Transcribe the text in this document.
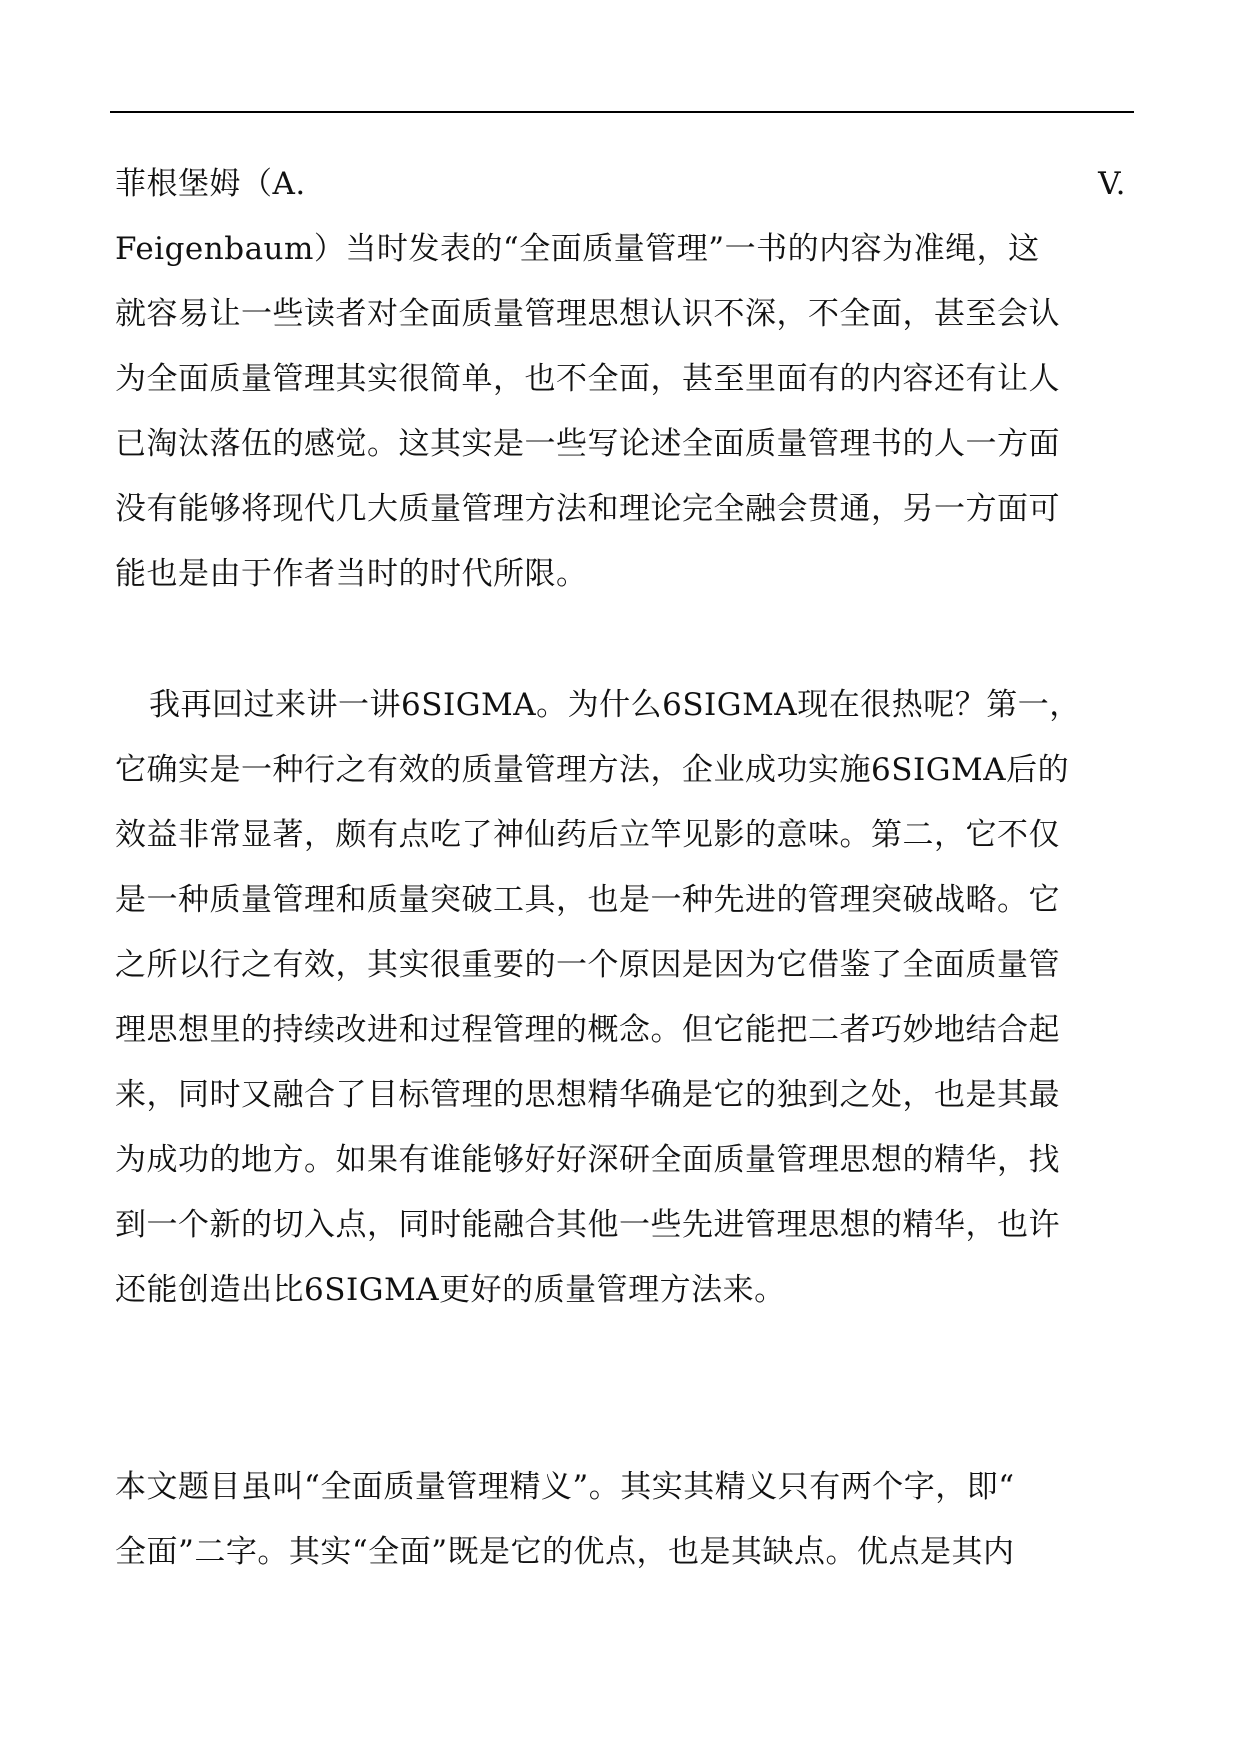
菲根堡姆（A.	V.
Feigenbaum）当时发表的“全面质量管理”一书的内容为准绳，这
就容易让一些读者对全面质量管理思想认识不深，不全面，甚至会认
为全面质量管理其实很简单，也不全面，甚至里面有的内容还有让人
已淘汰落伍的感觉。这其实是一些写论述全面质量管理书的人一方面
没有能够将现代几大质量管理方法和理论完全融会贯通，另一方面可
能也是由于作者当时的时代所限。
我再回过来讲一讲6SIGMA。为什么6SIGMA现在很热呢？第一，
它确实是一种行之有效的质量管理方法，企业成功实施6SIGMA后的
效益非常显著，颇有点吃了神仙药后立竿见影的意味。第二，它不仅
是一种质量管理和质量突破工具，也是一种先进的管理突破战略。它
之所以行之有效，其实很重要的一个原因是因为它借鉴了全面质量管
理思想里的持续改进和过程管理的概念。但它能把二者巧妙地结合起
来，同时又融合了目标管理的思想精华确是它的独到之处，也是其最
为成功的地方。如果有谁能够好好深研全面质量管理思想的精华，找
到一个新的切入点，同时能融合其他一些先进管理思想的精华，也许
还能创造出比6SIGMA更好的质量管理方法来。
本文题目虽叫“全面质量管理精义”。其实其精义只有两个字，即“
全面”二字。其实“全面”既是它的优点，也是其缺点。优点是其内
